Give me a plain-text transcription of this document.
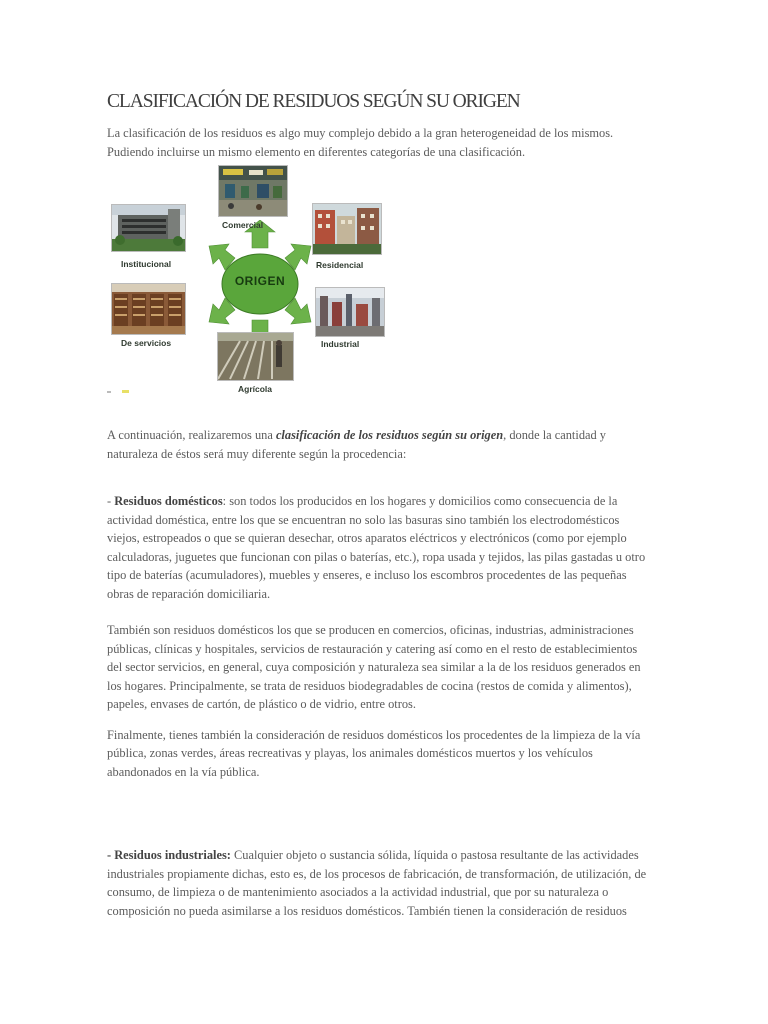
CLASIFICACIÓN DE RESIDUOS SEGÚN SU ORIGEN

La clasificación de los residuos es algo muy complejo debido a la gran heterogeneidad de los mismos.
Pudiendo incluirse un mismo elemento en diferentes categorías de una clasificación.

ORIGEN
Comercial
Institucional	Residencial
De servicios	Industrial
Agrícola

A continuación, realizaremos una clasificación de los residuos según su origen, donde la cantidad y naturaleza de éstos será muy diferente según la procedencia:

- Residuos domésticos: son todos los producidos en los hogares y domicilios como consecuencia de la actividad doméstica, entre los que se encuentran no solo las basuras sino también los electrodomésticos viejos, estropeados o que se quieran desechar, otros aparatos eléctricos y electrónicos (como por ejemplo calculadoras, juguetes que funcionan con pilas o baterías, etc.), ropa usada y tejidos, las pilas gastadas u otro tipo de baterías (acumuladores), muebles y enseres, e incluso los escombros procedentes de las pequeñas obras de reparación domiciliaria.

También son residuos domésticos los que se producen en comercios, oficinas, industrias, administraciones públicas, clínicas y hospitales, servicios de restauración y catering así como en el resto de establecimientos del sector servicios, en general, cuya composición y naturaleza sea similar a la de los residuos generados en los hogares. Principalmente, se trata de residuos biodegradables de cocina (restos de comida y alimentos), papeles, envases de cartón, de plástico o de vidrio, entre otros.

Finalmente, tienes también la consideración de residuos domésticos los procedentes de la limpieza de la vía pública, zonas verdes, áreas recreativas y playas, los animales domésticos muertos y los vehículos abandonados en la vía pública.

- Residuos industriales: Cualquier objeto o sustancia sólida, líquida o pastosa resultante de las actividades industriales propiamente dichas, esto es, de los procesos de fabricación, de transformación, de utilización, de consumo, de limpieza o de mantenimiento asociados a la actividad industrial, que por su naturaleza o composición no pueda asimilarse a los residuos domésticos. También tienen la consideración de residuos
